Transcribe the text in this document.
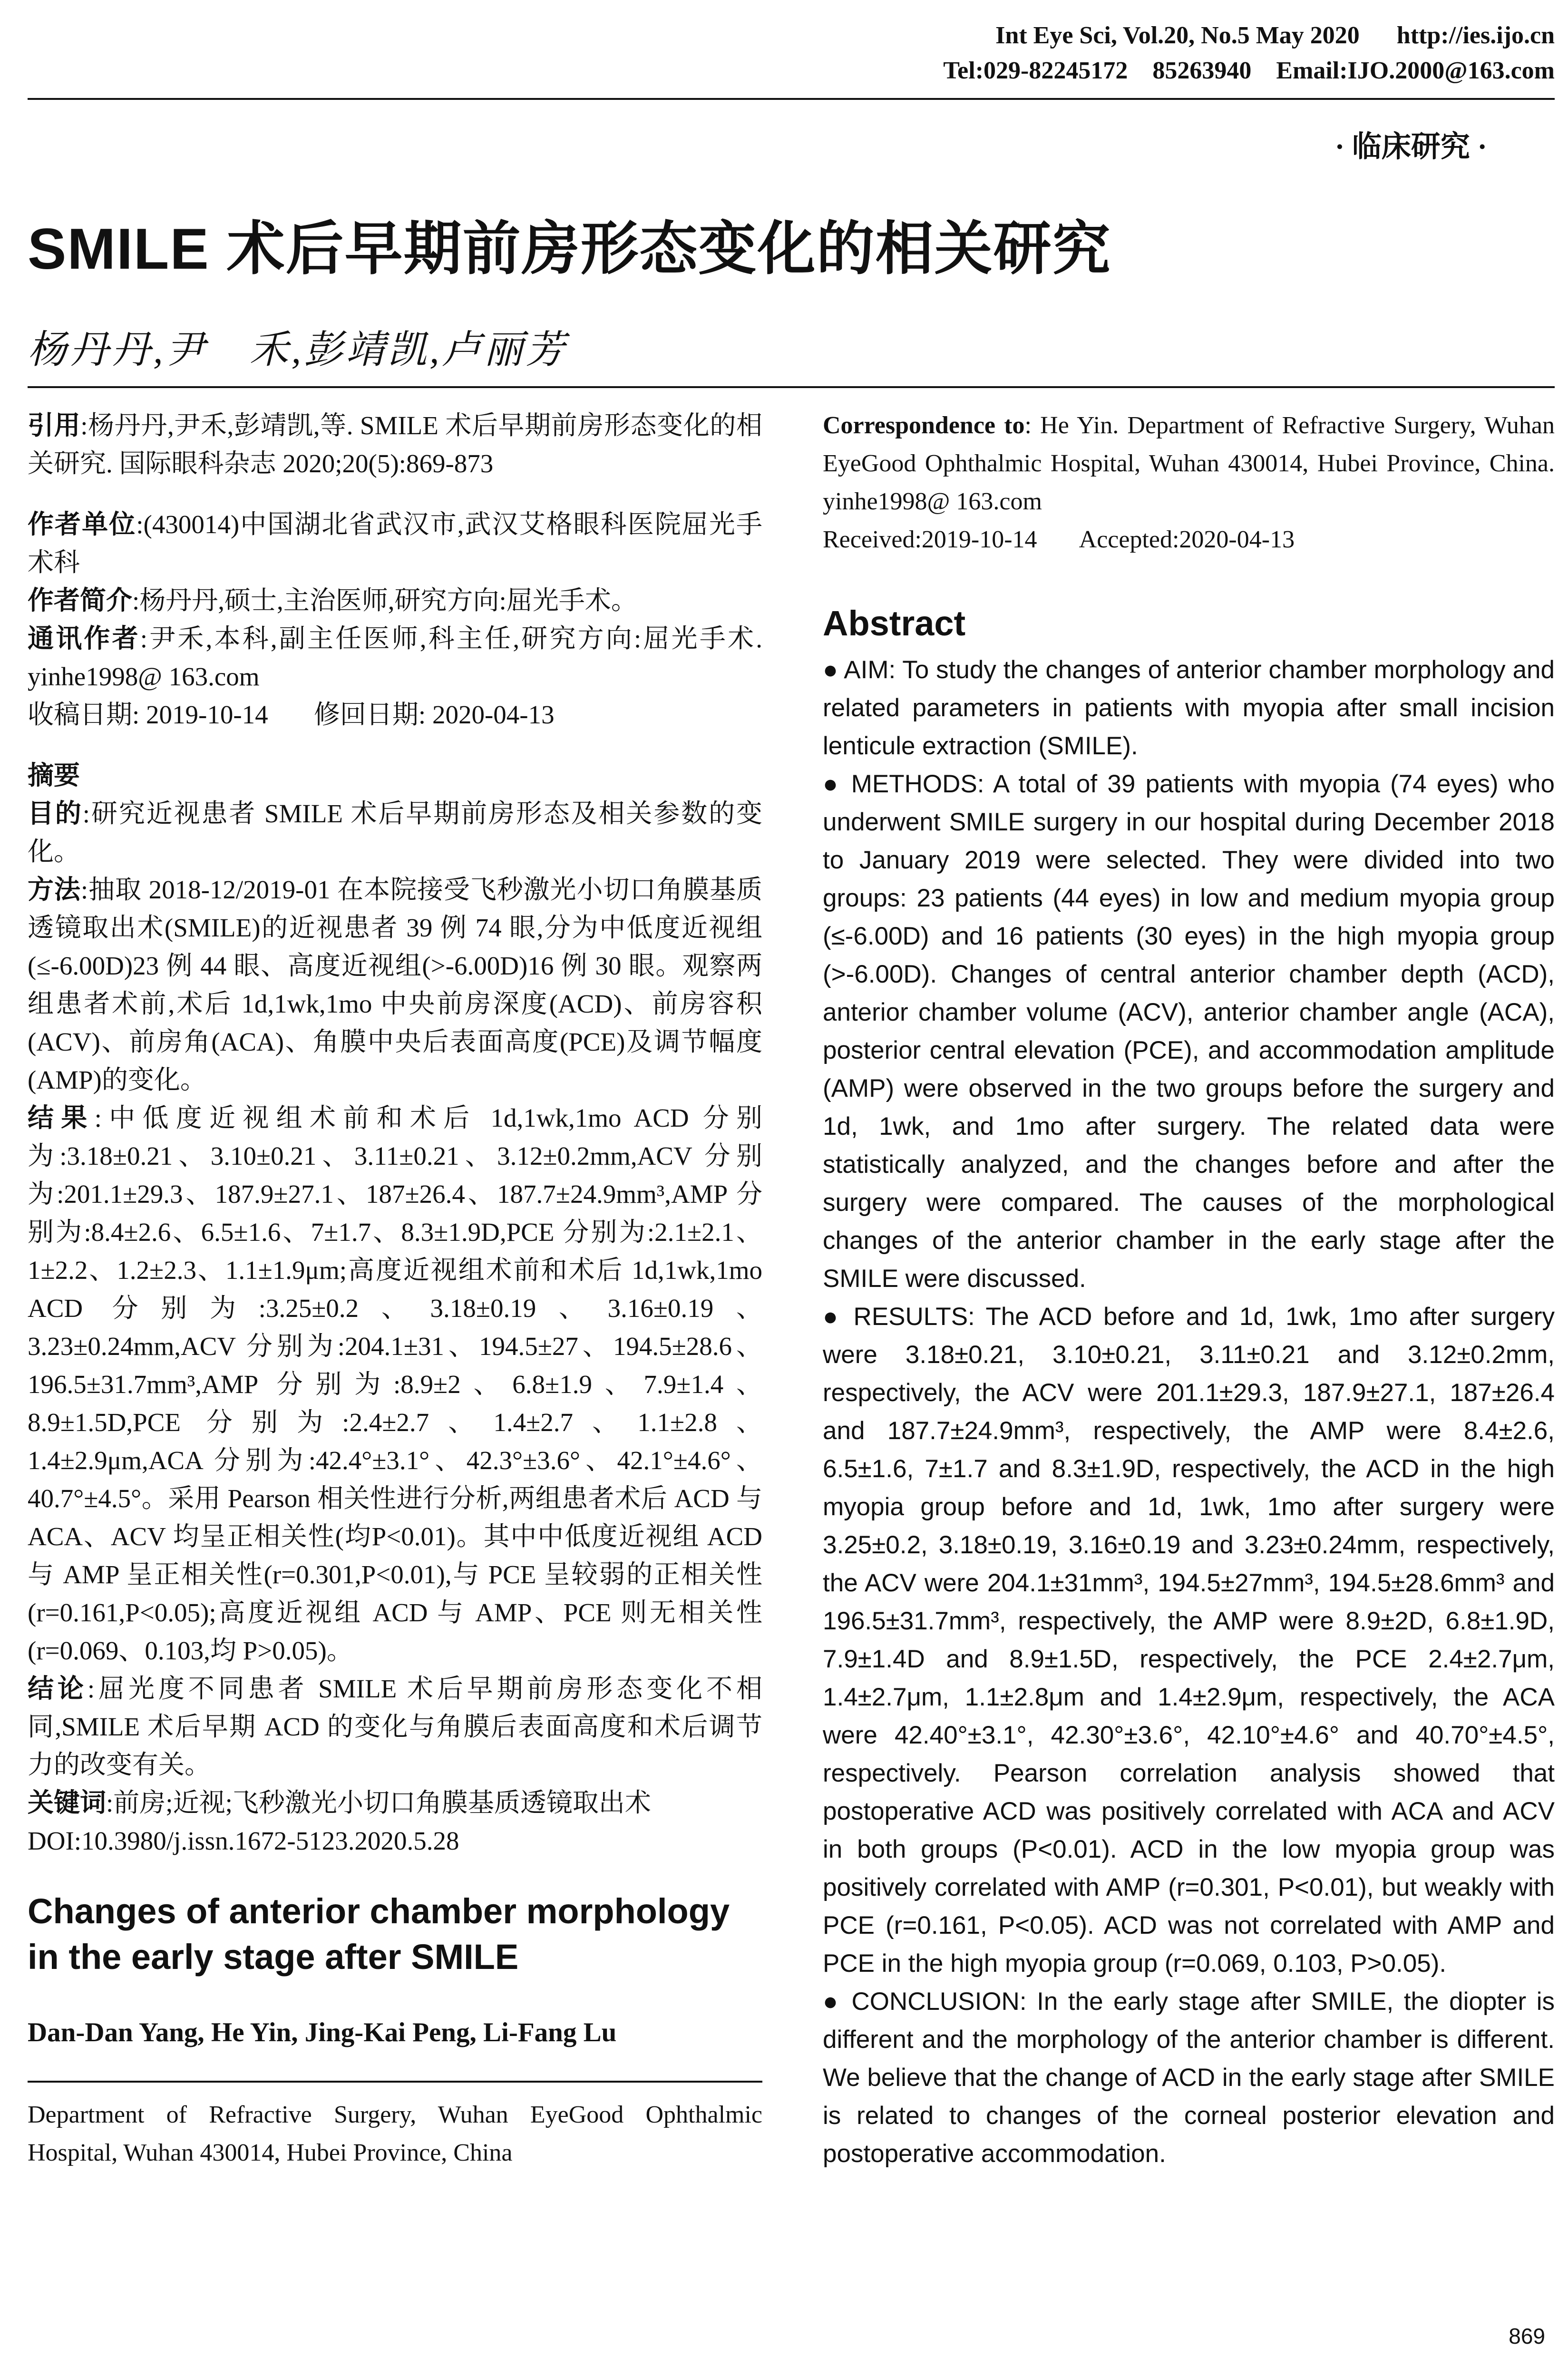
Int Eye Sci, Vol.20, No.5 May 2020      http://ies.ijo.cn
Tel:029-82245172    85263940    Email:IJO.2000@163.com
· 临床研究 ·
SMILE 术后早期前房形态变化的相关研究
杨丹丹,尹　禾,彭靖凯,卢丽芳

引用:杨丹丹,尹禾,彭靖凯,等. SMILE 术后早期前房形态变化的相关研究. 国际眼科杂志 2020;20(5):869-873

作者单位:(430014)中国湖北省武汉市,武汉艾格眼科医院屈光手术科

作者简介:杨丹丹,硕士,主治医师,研究方向:屈光手术。

通讯作者:尹禾,本科,副主任医师,科主任,研究方向:屈光手术. yinhe1998@ 163.com

收稿日期: 2019-10-14       修回日期: 2020-04-13

摘要

目的:研究近视患者 SMILE 术后早期前房形态及相关参数的变化。

方法:抽取 2018-12/2019-01 在本院接受飞秒激光小切口角膜基质透镜取出术(SMILE)的近视患者 39 例 74 眼,分为中低度近视组(≤-6.00D)23 例 44 眼、高度近视组(>-6.00D)16 例 30 眼。观察两组患者术前,术后 1d,1wk,1mo 中央前房深度(ACD)、前房容积(ACV)、前房角(ACA)、角膜中央后表面高度(PCE)及调节幅度(AMP)的变化。

结果:中低度近视组术前和术后 1d,1wk,1mo ACD 分别为:3.18±0.21、3.10±0.21、3.11±0.21、3.12±0.2mm,ACV 分别为:201.1±29.3、187.9±27.1、187±26.4、187.7±24.9mm³,AMP 分别为:8.4±2.6、6.5±1.6、7±1.7、8.3±1.9D,PCE 分别为:2.1±2.1、1±2.2、1.2±2.3、1.1±1.9μm;高度近视组术前和术后 1d,1wk,1mo ACD 分别为:3.25±0.2、3.18±0.19、3.16±0.19、3.23±0.24mm,ACV 分别为:204.1±31、194.5±27、194.5±28.6、196.5±31.7mm³,AMP 分别为:8.9±2、6.8±1.9、7.9±1.4、8.9±1.5D,PCE 分别为:2.4±2.7、1.4±2.7、1.1±2.8、1.4±2.9μm,ACA 分别为:42.4°±3.1°、42.3°±3.6°、42.1°±4.6°、40.7°±4.5°。采用 Pearson 相关性进行分析,两组患者术后 ACD 与 ACA、ACV 均呈正相关性(均P<0.01)。其中中低度近视组 ACD 与 AMP 呈正相关性(r=0.301,P<0.01),与 PCE 呈较弱的正相关性(r=0.161,P<0.05);高度近视组 ACD 与 AMP、PCE 则无相关性(r=0.069、0.103,均 P>0.05)。

结论:屈光度不同患者 SMILE 术后早期前房形态变化不相同,SMILE 术后早期 ACD 的变化与角膜后表面高度和术后调节力的改变有关。

关键词:前房;近视;飞秒激光小切口角膜基质透镜取出术

DOI:10.3980/j.issn.1672-5123.2020.5.28

Changes of anterior chamber morphology in the early stage after SMILE

Dan-Dan Yang, He Yin, Jing-Kai Peng, Li-Fang Lu

Department of Refractive Surgery, Wuhan EyeGood Ophthalmic Hospital, Wuhan 430014, Hubei Province, China

Correspondence to: He Yin. Department of Refractive Surgery, Wuhan EyeGood Ophthalmic Hospital, Wuhan 430014, Hubei Province, China. yinhe1998@ 163.com

Received:2019-10-14       Accepted:2020-04-13

Abstract

● AIM: To study the changes of anterior chamber morphology and related parameters in patients with myopia after small incision lenticule extraction (SMILE).

● METHODS: A total of 39 patients with myopia (74 eyes) who underwent SMILE surgery in our hospital during December 2018 to January 2019 were selected. They were divided into two groups: 23 patients (44 eyes) in low and medium myopia group (≤-6.00D) and 16 patients (30 eyes) in the high myopia group (>-6.00D). Changes of central anterior chamber depth (ACD), anterior chamber volume (ACV), anterior chamber angle (ACA), posterior central elevation (PCE), and accommodation amplitude (AMP) were observed in the two groups before the surgery and 1d, 1wk, and 1mo after surgery. The related data were statistically analyzed, and the changes before and after the surgery were compared. The causes of the morphological changes of the anterior chamber in the early stage after the SMILE were discussed.

● RESULTS: The ACD before and 1d, 1wk, 1mo after surgery were 3.18±0.21, 3.10±0.21, 3.11±0.21 and 3.12±0.2mm, respectively, the ACV were 201.1±29.3, 187.9±27.1, 187±26.4 and 187.7±24.9mm³, respectively, the AMP were 8.4±2.6, 6.5±1.6, 7±1.7 and 8.3±1.9D, respectively, the ACD in the high myopia group before and 1d, 1wk, 1mo after surgery were 3.25±0.2, 3.18±0.19, 3.16±0.19 and 3.23±0.24mm, respectively, the ACV were 204.1±31mm³, 194.5±27mm³, 194.5±28.6mm³ and 196.5±31.7mm³, respectively, the AMP were 8.9±2D, 6.8±1.9D, 7.9±1.4D and 8.9±1.5D, respectively, the PCE 2.4±2.7μm, 1.4±2.7μm, 1.1±2.8μm and 1.4±2.9μm, respectively, the ACA were 42.40°±3.1°, 42.30°±3.6°, 42.10°±4.6° and 40.70°±4.5°, respectively. Pearson correlation analysis showed that postoperative ACD was positively correlated with ACA and ACV in both groups (P<0.01). ACD in the low myopia group was positively correlated with AMP (r=0.301, P<0.01), but weakly with PCE (r=0.161, P<0.05). ACD was not correlated with AMP and PCE in the high myopia group (r=0.069, 0.103, P>0.05).

● CONCLUSION: In the early stage after SMILE, the diopter is different and the morphology of the anterior chamber is different. We believe that the change of ACD in the early stage after SMILE is related to changes of the corneal posterior elevation and postoperative accommodation.

869
